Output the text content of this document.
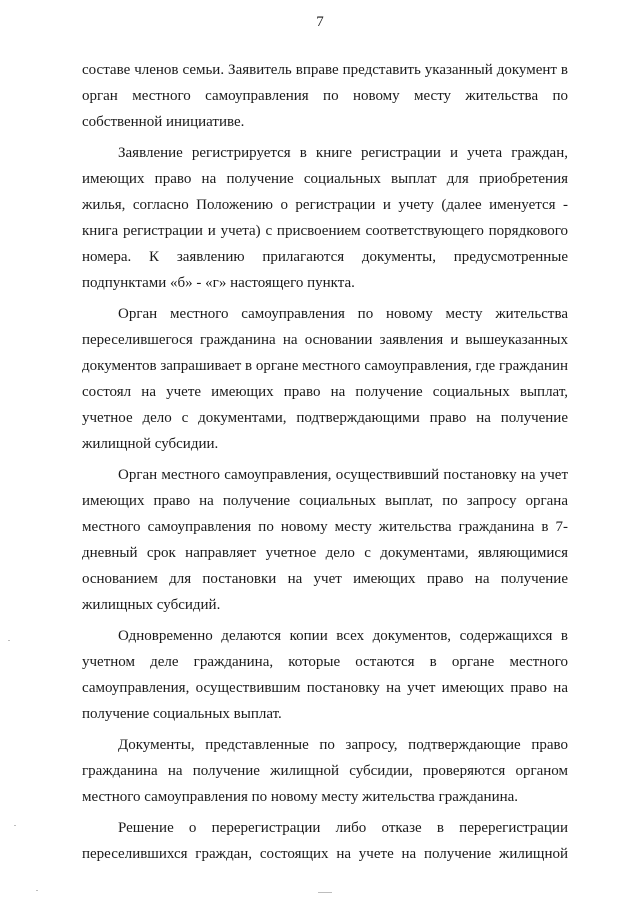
7

составе членов семьи. Заявитель вправе представить указанный документ в орган местного самоуправления по новому месту жительства по собственной инициативе.

Заявление регистрируется в книге регистрации и учета граждан, имеющих право на получение социальных выплат для приобретения жилья, согласно Положению о регистрации и учету (далее именуется - книга регистрации и учета) с присвоением соответствующего порядкового номера. К заявлению прилагаются документы, предусмотренные подпунктами «б» - «г» настоящего пункта.

Орган местного самоуправления по новому месту жительства переселившегося гражданина на основании заявления и вышеуказанных документов запрашивает в органе местного самоуправления, где гражданин состоял на учете имеющих право на получение социальных выплат, учетное дело с документами, подтверждающими право на получение жилищной субсидии.

Орган местного самоуправления, осуществивший постановку на учет имеющих право на получение социальных выплат, по запросу органа местного самоуправления по новому месту жительства гражданина в 7-дневный срок направляет учетное дело с документами, являющимися основанием для постановки на учет имеющих право на получение жилищных субсидий.

Одновременно делаются копии всех документов, содержащихся в учетном деле гражданина, которые остаются в органе местного самоуправления, осуществившим постановку на учет имеющих право на получение социальных выплат.

Документы, представленные по запросу, подтверждающие право гражданина на получение жилищной субсидии, проверяются органом местного самоуправления по новому месту жительства гражданина.

Решение о перерегистрации либо отказе в перерегистрации переселившихся граждан, состоящих на учете на получение жилищной
